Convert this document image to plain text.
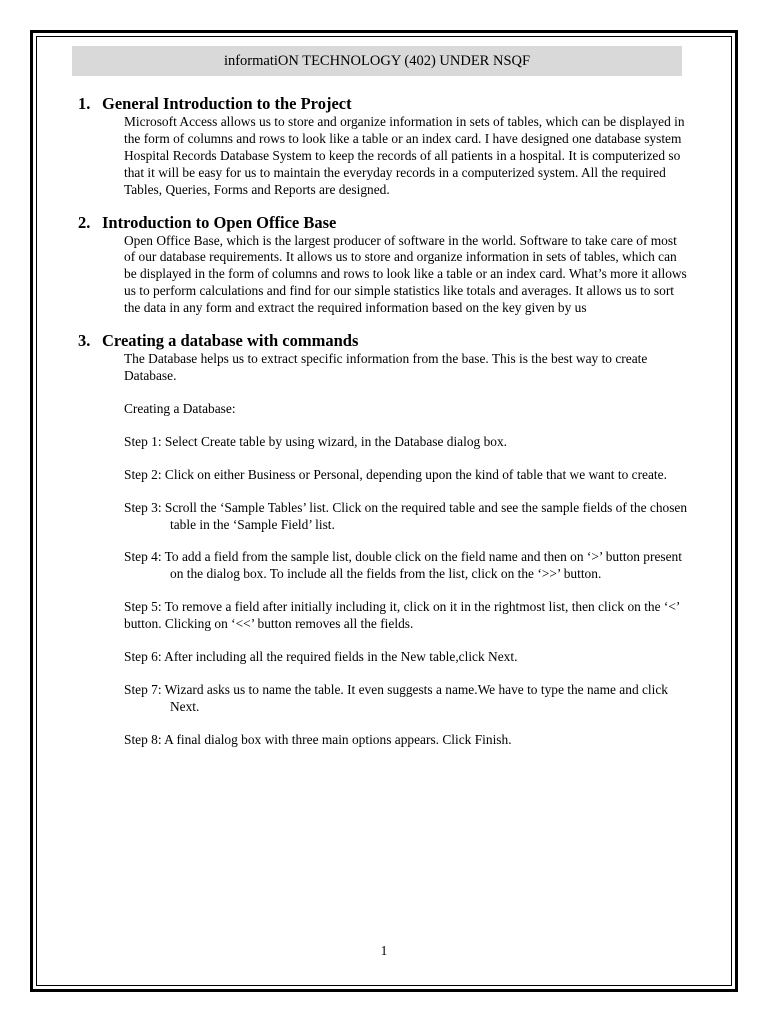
informatiON TECHNOLOGY (402) UNDER NSQF
1. General Introduction to the Project
Microsoft Access allows us to store and organize information in sets of tables, which can be displayed in the form of columns and rows to look like a table or an index card. I have designed one database system Hospital Records Database System to keep the records of all patients in a hospital. It is computerized so that it will be easy for us to maintain the everyday records in a computerized system. All the required Tables, Queries, Forms and Reports are designed.
2. Introduction to Open Office Base
Open Office Base, which is the largest producer of software in the world. Software to take care of most of our database requirements. It allows us to store and organize information in sets of tables, which can be displayed in the form of columns and rows to look like a table or an index card. What’s more it allows us to perform calculations and find for our simple statistics like totals and averages. It allows us to sort the data in any form and extract the required information based on the key given by us
3. Creating a database with commands

The Database helps us to extract specific information from the base. This is the best way to create Database.

Creating a Database:

Step 1: Select Create table by using wizard, in the Database dialog box.

Step 2: Click on either Business or Personal, depending upon the kind of table that we want to create.

Step 3: Scroll the ‘Sample Tables’ list. Click on the required table and see the sample fields of the chosen table in the ‘Sample Field’ list.

Step 4: To add a field from the sample list, double click on the field name and then on ‘>’ button present on the dialog box. To include all the fields from the list, click on the ‘>>’ button.

Step 5: To remove a field after initially including it, click on it in the rightmost list, then click on the ‘<’ button. Clicking on ‘<<’ button removes all the fields.

Step 6: After including all the required fields in the New table,click Next.

Step 7: Wizard asks us to name the table. It even suggests a name.We have to type the name and click Next.

Step 8: A final dialog box with three main options appears. Click Finish.

1
